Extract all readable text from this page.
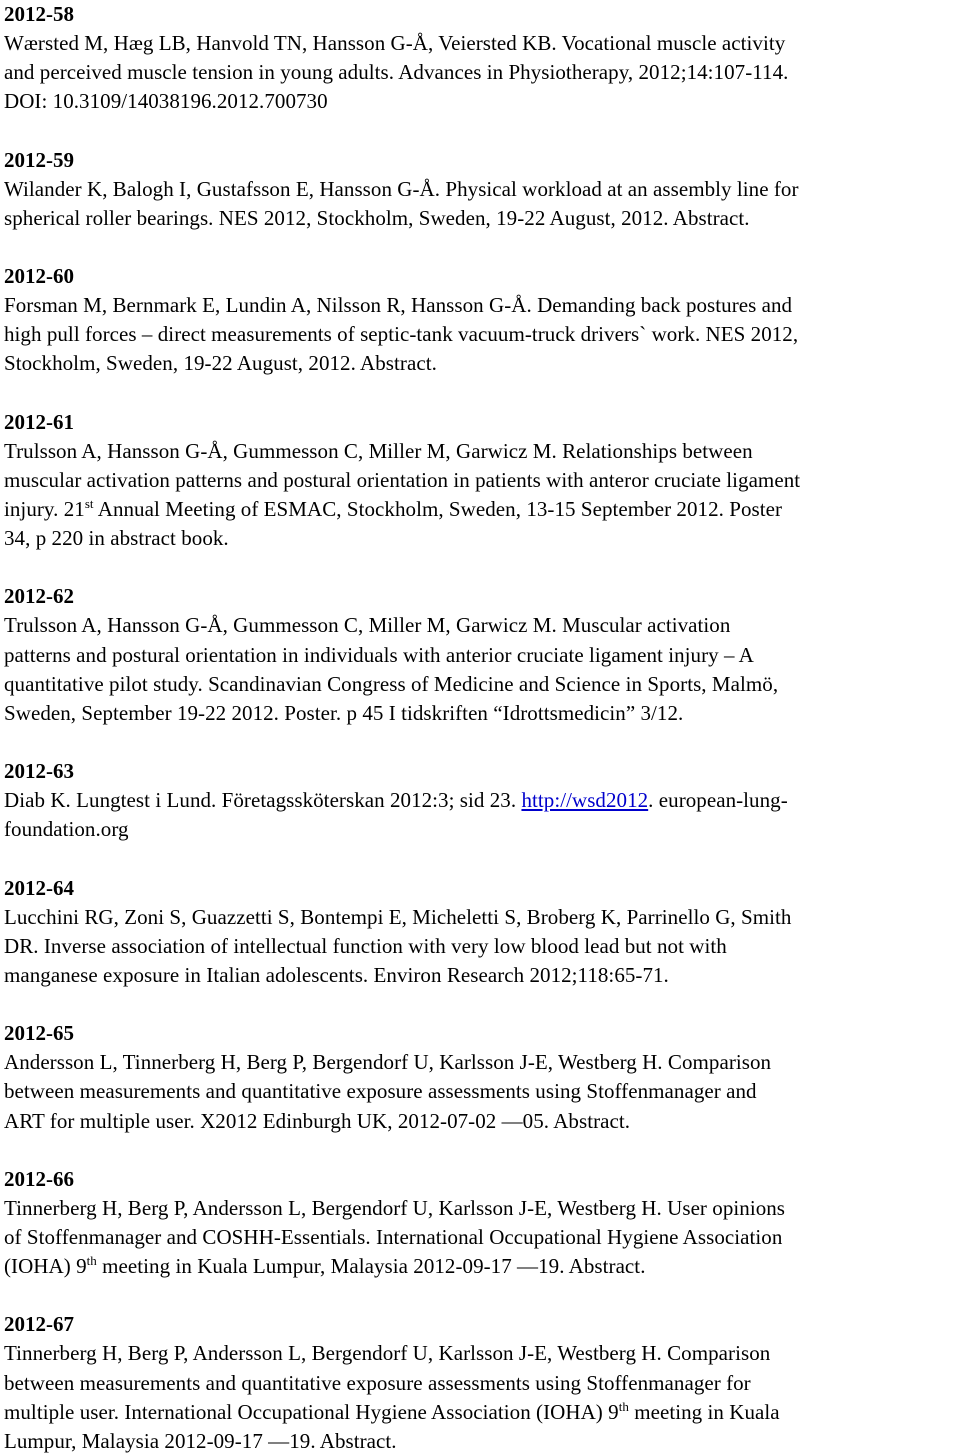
2012-58
Wærsted M, Hæg LB, Hanvold TN, Hansson G-Å, Veiersted KB. Vocational muscle activity
and perceived muscle tension in young adults. Advances in Physiotherapy, 2012;14:107-114.
DOI: 10.3109/14038196.2012.700730
2012-59
Wilander K, Balogh I, Gustafsson E, Hansson G-Å. Physical workload at an assembly line for
spherical roller bearings. NES 2012, Stockholm, Sweden, 19-22 August, 2012. Abstract.
2012-60
Forsman M, Bernmark E, Lundin A, Nilsson R, Hansson G-Å. Demanding back postures and
high pull forces – direct measurements of septic-tank vacuum-truck drivers` work. NES 2012,
Stockholm, Sweden, 19-22 August, 2012. Abstract.
2012-61
Trulsson A, Hansson G-Å, Gummesson C, Miller M, Garwicz M. Relationships between
muscular activation patterns and postural orientation in patients with anteror cruciate ligament
injury. 21st Annual Meeting of ESMAC, Stockholm, Sweden, 13-15 September 2012. Poster
34, p 220 in abstract book.
2012-62
Trulsson A, Hansson G-Å, Gummesson C, Miller M, Garwicz M. Muscular activation
patterns and postural orientation in individuals with anterior cruciate ligament injury – A
quantitative pilot study. Scandinavian Congress of Medicine and Science in Sports, Malmö,
Sweden, September 19-22 2012. Poster. p 45 I tidskriften “Idrottsmedicin” 3/12.
2012-63
Diab K. Lungtest i Lund. Företagssköterskan 2012:3; sid 23. http://wsd2012. european-lung-
foundation.org
2012-64
Lucchini RG, Zoni S, Guazzetti S, Bontempi E, Micheletti S, Broberg K, Parrinello G, Smith
DR. Inverse association of intellectual function with very low blood lead but not with
manganese exposure in Italian adolescents. Environ Research 2012;118:65-71.
2012-65
Andersson L, Tinnerberg H, Berg P, Bergendorf U, Karlsson J-E, Westberg H. Comparison
between measurements and quantitative exposure assessments using Stoffenmanager and
ART for multiple user. X2012 Edinburgh UK, 2012-07-02 —05. Abstract.
2012-66
Tinnerberg H, Berg P, Andersson L, Bergendorf U, Karlsson J-E, Westberg H. User opinions
of Stoffenmanager and COSHH-Essentials. International Occupational Hygiene Association
(IOHA) 9th meeting in Kuala Lumpur, Malaysia 2012-09-17 —19. Abstract.
2012-67
Tinnerberg H, Berg P, Andersson L, Bergendorf U, Karlsson J-E, Westberg H. Comparison
between measurements and quantitative exposure assessments using Stoffenmanager for
multiple user. International Occupational Hygiene Association (IOHA) 9th meeting in Kuala
Lumpur, Malaysia 2012-09-17 —19. Abstract.
